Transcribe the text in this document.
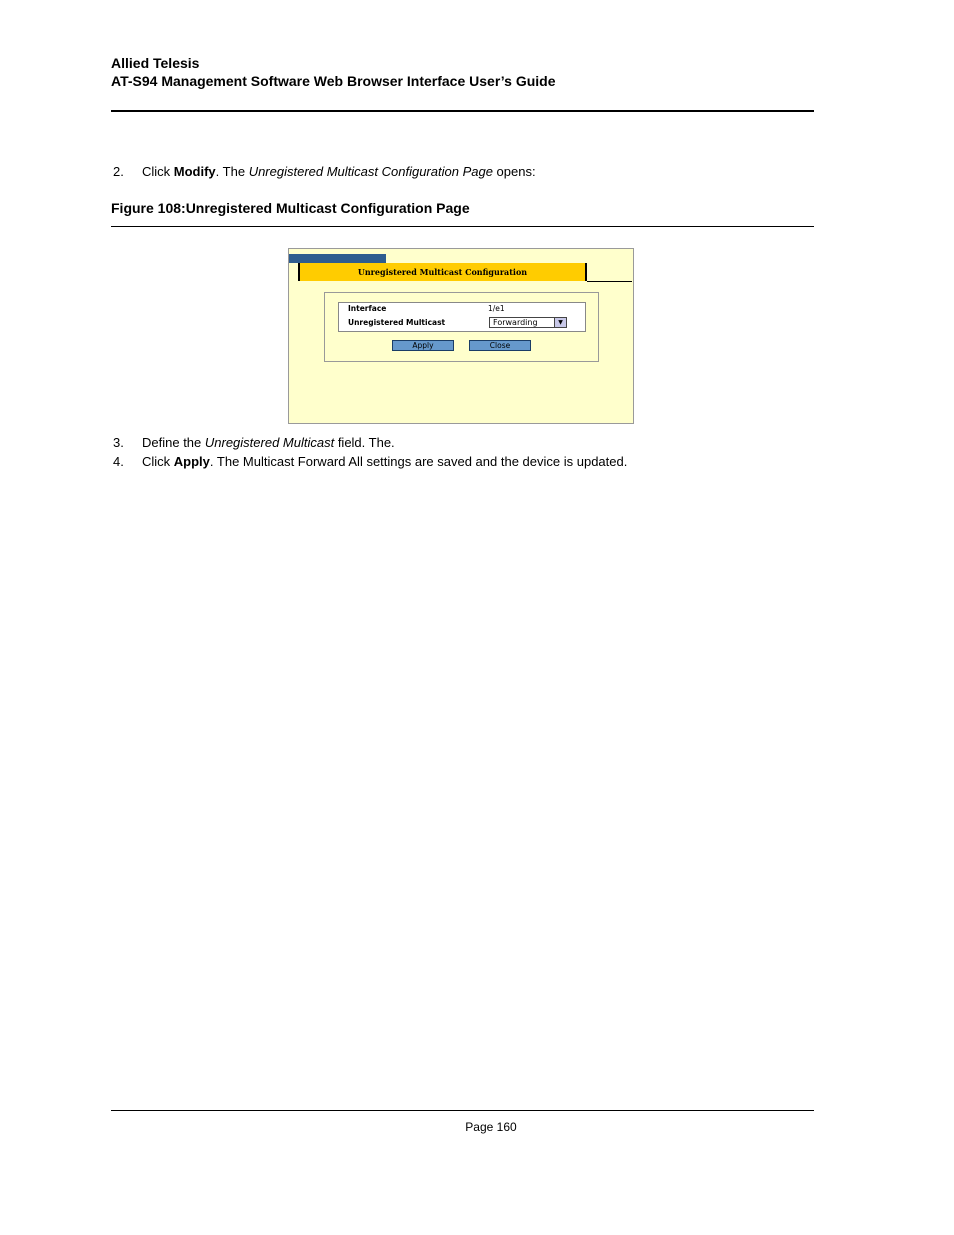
Allied Telesis
AT-S94 Management Software Web Browser Interface User’s Guide
2. Click Modify. The Unregistered Multicast Configuration Page opens:
Figure 108:Unregistered Multicast Configuration Page
Unregistered Multicast Configuration
Interface	1/e1
Unregistered Multicast	Forwarding	▼
Apply	Close
3. Define the Unregistered Multicast field. The.
4. Click Apply. The Multicast Forward All settings are saved and the device is updated.
Page 160
